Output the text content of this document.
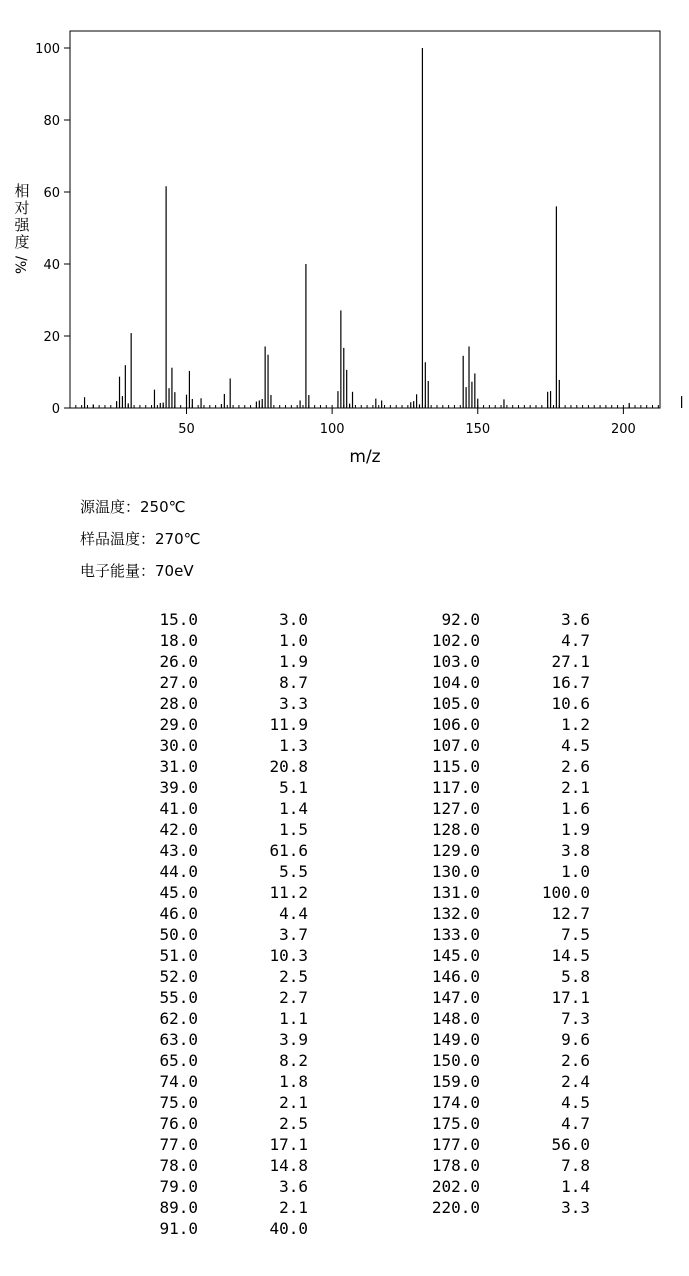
0
20
40
60
80
100
50	100	150	200
m/z
相
对
强
度
%/
源温度：250℃
样品温度：270℃
电子能量：70eV
15.0	3.0
18.0	1.0
26.0	1.9
27.0	8.7
28.0	3.3
29.0	11.9
30.0	1.3
31.0	20.8
39.0	5.1
41.0	1.4
42.0	1.5
43.0	61.6
44.0	5.5
45.0	11.2
46.0	4.4
50.0	3.7
51.0	10.3
52.0	2.5
55.0	2.7
62.0	1.1
63.0	3.9
65.0	8.2
74.0	1.8
75.0	2.1
76.0	2.5
77.0	17.1
78.0	14.8
79.0	3.6
89.0	2.1
91.0	40.0
92.0	3.6
102.0	4.7
103.0	27.1
104.0	16.7
105.0	10.6
106.0	1.2
107.0	4.5
115.0	2.6
117.0	2.1
127.0	1.6
128.0	1.9
129.0	3.8
130.0	1.0
131.0	100.0
132.0	12.7
133.0	7.5
145.0	14.5
146.0	5.8
147.0	17.1
148.0	7.3
149.0	9.6
150.0	2.6
159.0	2.4
174.0	4.5
175.0	4.7
177.0	56.0
178.0	7.8
202.0	1.4
220.0	3.3
